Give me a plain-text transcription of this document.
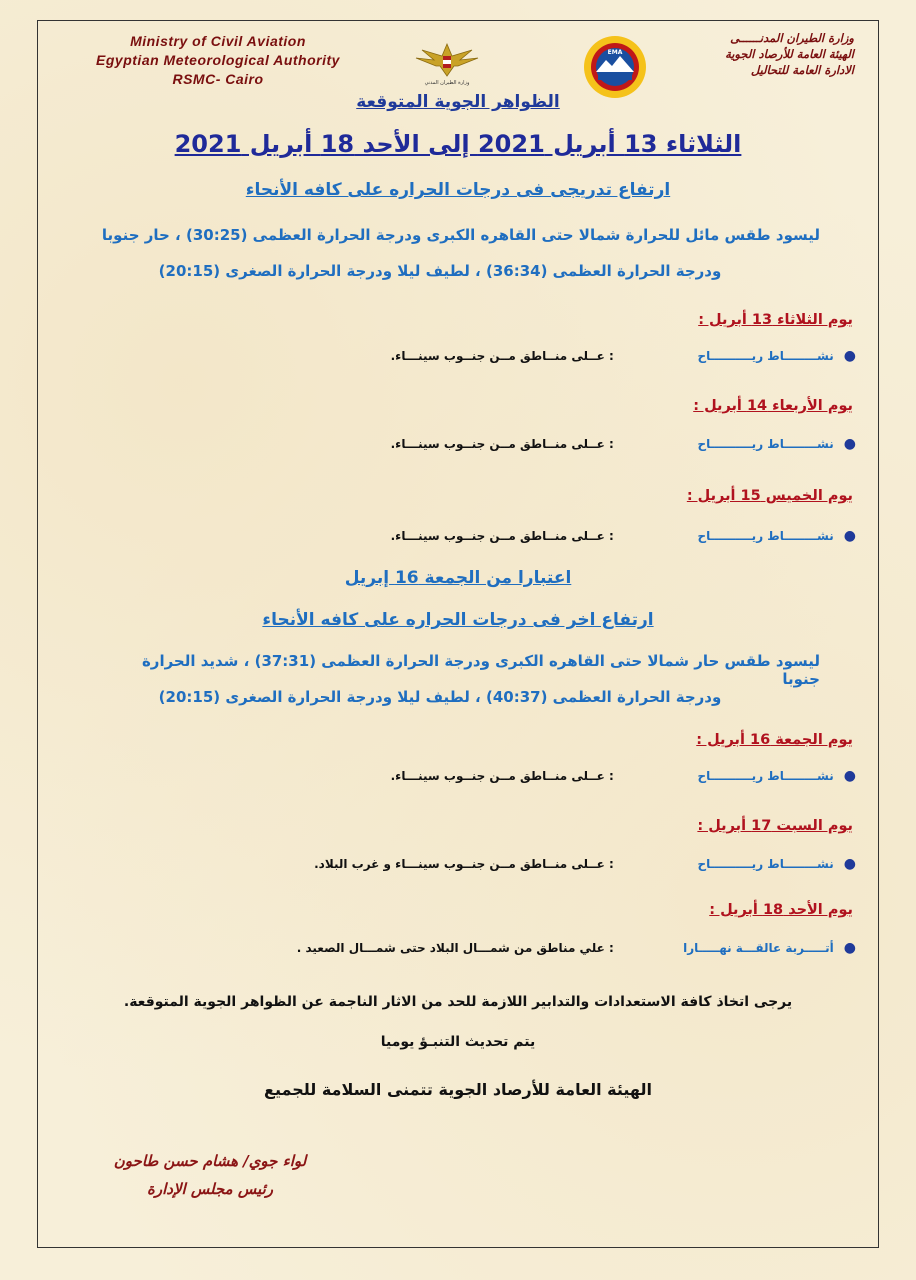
Ministry of Civil Aviation
Egyptian Meteorological Authority
RSMC- Cairo	وزارة الطيران المدني
EMA
وزارة الطيران المدنــــــى
الهيئة العامة للأرصاد الجوية
الادارة العامة للتحاليل
الظواهر الجوية المتوقعة
الثلاثاء 13 أبريل 2021 إلى الأحد 18 أبريل 2021
ارتفاع تدريجى فى درجات الحراره على كافه الأنحاء
ليسود طقس مائل للحرارة شمالا حتى القاهره الكبرى ودرجة الحرارة العظمى (30:25) ، حار جنوبا
ودرجة الحرارة العظمى (36:34) ، لطيف ليلا ودرجة الحرارة الصغرى (20:15)
يوم الثلاثاء 13 أبريل :
●نشــــــــاط ريــــــــــاح: عــلى منــاطق مــن جنــوب سينـــاء.
يوم الأربعاء 14 أبريل :
●نشــــــــاط ريــــــــــاح: عــلى منــاطق مــن جنــوب سينـــاء.
يوم الخميس 15 أبريل :
●نشــــــــاط ريــــــــــاح: عــلى منــاطق مــن جنــوب سينـــاء.
اعتبارا من الجمعة 16 إبريل
ارتفاع اخر فى درجات الحراره على كافه الأنحاء
ليسود طقس حار شمالا حتى القاهره الكبرى ودرجة الحرارة العظمى (37:31) ، شديد الحرارة جنوبا
ودرجة الحرارة العظمى (40:37) ، لطيف ليلا ودرجة الحرارة الصغرى (20:15)
يوم الجمعة 16 أبريل :
●نشــــــــاط ريــــــــــاح: عــلى منــاطق مــن جنــوب سينـــاء.
يوم السبت 17 أبريل :
●نشــــــــاط ريــــــــــاح: عــلى منــاطق مــن جنــوب سينـــاء و غرب البلاد.
يوم الأحد 18 أبريل :
●أتـــــربة عالقـــة نهـــــارا: علي مناطق من شمـــال البلاد حتى شمـــال الصعيد .
يرجى اتخاذ كافة الاستعدادات والتدابير اللازمة للحد من الاثار الناجمة عن الظواهر الجوية المتوقعة.
يتم تحديث التنبـؤ يوميا
الهيئة العامة للأرصاد الجوية تتمنى السلامة للجميع
لواء جوي/ هشام حسن طاحون
رئيس مجلس الإدارة
